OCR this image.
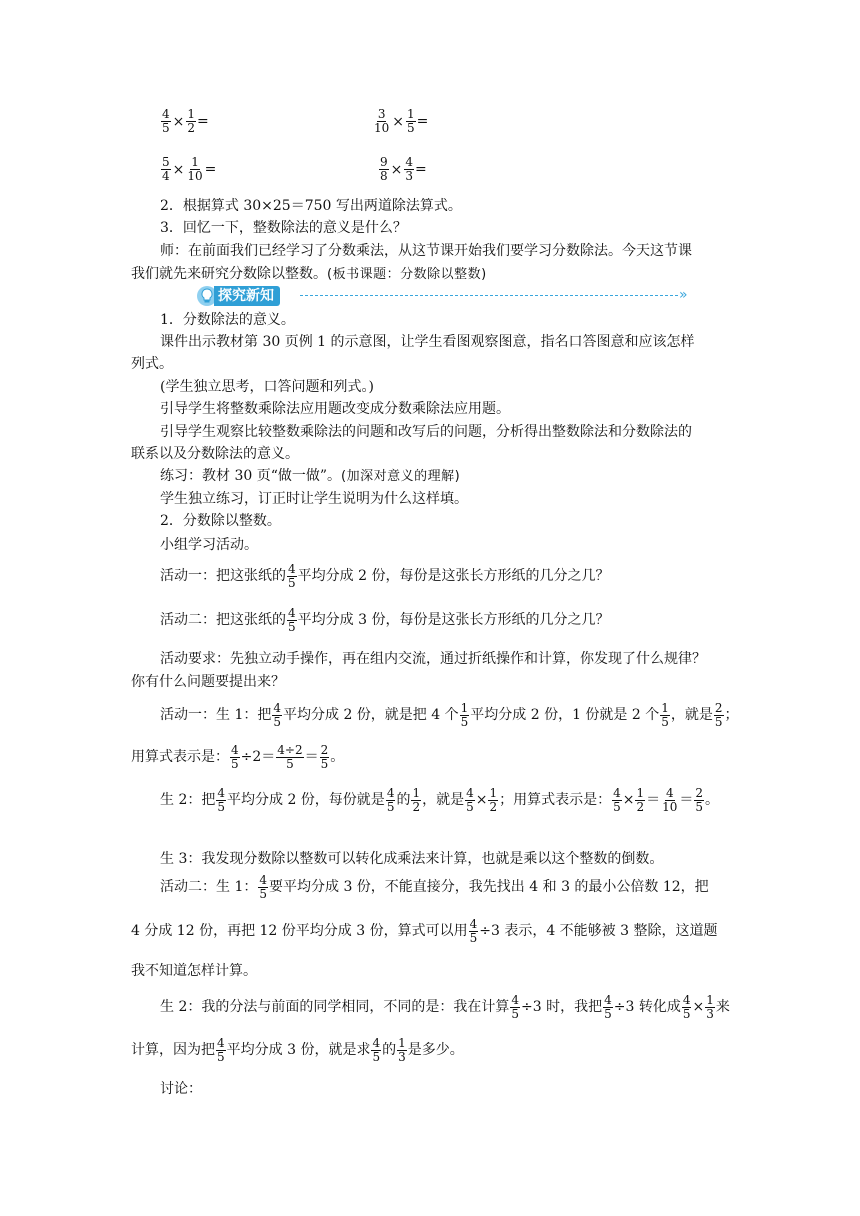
$\frac{4}{5} \times \frac{1}{2}$ =	$\frac{3}{10} \times \frac{1}{5}$ =
$\frac{5}{4} \times \frac{1}{10}$ =	$\frac{9}{8} \times \frac{4}{3}$ =
2．根据算式 30×25＝750 写出两道除法算式。
3．回忆一下，整数除法的意义是什么？
师：在前面我们已经学习了分数乘法，从这节课开始我们要学习分数除法。今天这节课
我们就先来研究分数除以整数。(板书课题：分数除以整数)
探究新知	»
1．分数除法的意义。
课件出示教材第 30 页例 1 的示意图，让学生看图观察图意，指名口答图意和应该怎样
列式。
(学生独立思考，口答问题和列式。)
引导学生将整数乘除法应用题改变成分数乘除法应用题。
引导学生观察比较整数乘除法的问题和改写后的问题，分析得出整数除法和分数除法的
联系以及分数除法的意义。
练习：教材 30 页“做一做”。(加深对意义的理解)
学生独立练习，订正时让学生说明为什么这样填。
2．分数除以整数。
小组学习活动。
活动一：把这张纸的 $\frac{4}{5}$ 平均分成 2 份，每份是这张长方形纸的几分之几？
活动二：把这张纸的 $\frac{4}{5}$ 平均分成 3 份，每份是这张长方形纸的几分之几？
活动要求：先独立动手操作，再在组内交流，通过折纸操作和计算，你发现了什么规律？
你有什么问题要提出来？
活动一：生 1：把 $\frac{4}{5}$ 平均分成 2 份，就是把 4 个 $\frac{1}{5}$ 平均分成 2 份，1 份就是 2 个 $\frac{1}{5}$ ，就是 $\frac{2}{5}$ ；
用算式表示是： $\frac{4}{5} \div 2= \frac{4\div 2}{5} = \frac{2}{5}$ 。
生 2：把 $\frac{4}{5}$ 平均分成 2 份，每份就是 $\frac{4}{5}$ 的 $\frac{1}{2}$ ，就是 $\frac{4}{5} \times \frac{1}{2}$ ；用算式表示是： $\frac{4}{5} \times \frac{1}{2} = \frac{4}{10} = \frac{2}{5}$ 。
生 3：我发现分数除以整数可以转化成乘法来计算，也就是乘以这个整数的倒数。
活动二：生 1： $\frac{4}{5}$ 要平均分成 3 份，不能直接分，我先找出 4 和 3 的最小公倍数 12，把
4 分成 12 份，再把 12 份平均分成 3 份，算式可以用 $\frac{4}{5} \div 3$ 表示，4 不能够被 3 整除，这道题
我不知道怎样计算。
生 2：我的分法与前面的同学相同，不同的是：我在计算 $\frac{4}{5} \div 3$ 时，我把 $\frac{4}{5} \div 3$ 转化成 $\frac{4}{5} \times \frac{1}{3}$ 来
计算，因为把 $\frac{4}{5}$ 平均分成 3 份，就是求 $\frac{4}{5}$ 的 $\frac{1}{3}$ 是多少。
讨论：
